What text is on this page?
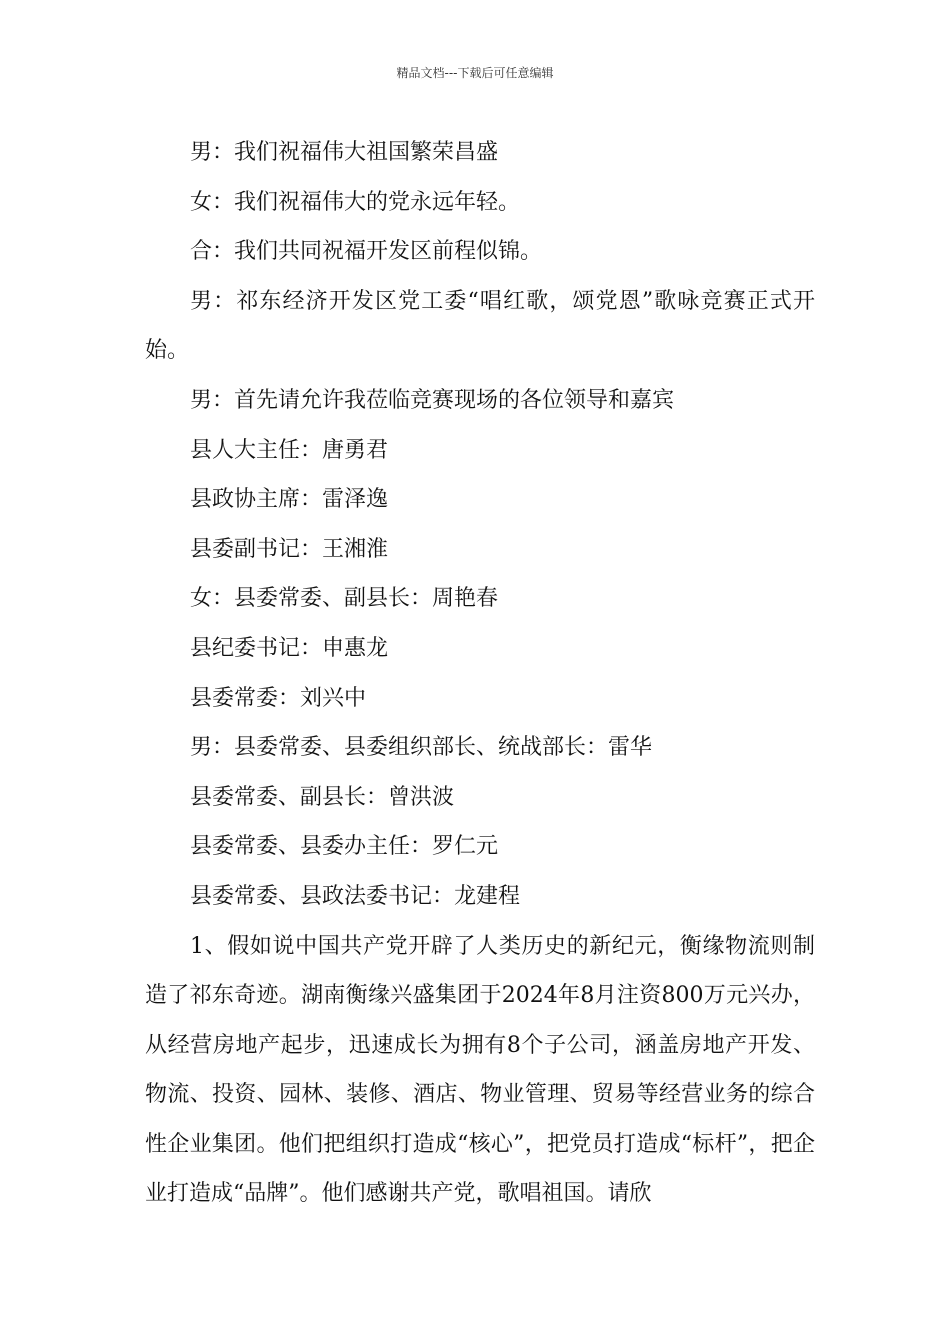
精品文档---下载后可任意编辑
男：我们祝福伟大祖国繁荣昌盛
女：我们祝福伟大的党永远年轻。
合：我们共同祝福开发区前程似锦。
男：祁东经济开发区党工委“唱红歌，颂党恩”歌咏竞赛正式开始。
男：首先请允许我莅临竞赛现场的各位领导和嘉宾
县人大主任：唐勇君
县政协主席：雷泽逸
县委副书记：王湘淮
女：县委常委、副县长：周艳春
县纪委书记：申惠龙
县委常委：刘兴中
男：县委常委、县委组织部长、统战部长：雷华
县委常委、副县长：曾洪波
县委常委、县委办主任：罗仁元
县委常委、县政法委书记：龙建程
1、假如说中国共产党开辟了人类历史的新纪元，衡缘物流则制造了祁东奇迹。湖南衡缘兴盛集团于2024年8月注资800万元兴办，从经营房地产起步，迅速成长为拥有8个子公司，涵盖房地产开发、物流、投资、园林、装修、酒店、物业管理、贸易等经营业务的综合性企业集团。他们把组织打造成“核心”，把党员打造成“标杆”，把企业打造成“品牌”。他们感谢共产党，歌唱祖国。请欣
